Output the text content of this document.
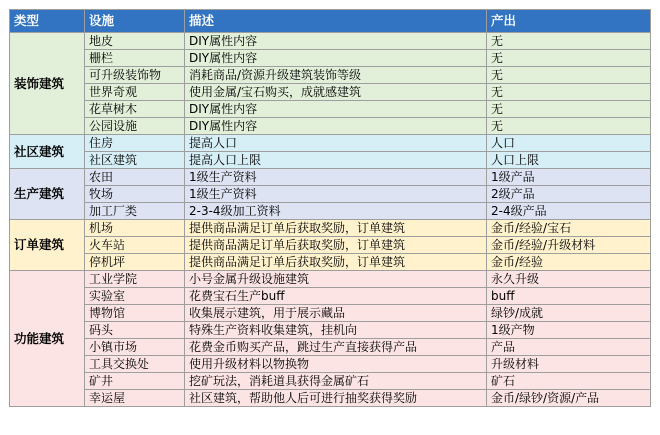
类型	设施	描述	产出
装饰建筑	地皮	DIY属性内容	无
	栅栏	DIY属性内容	无
	可升级装饰物	消耗商品/资源升级建筑装饰等级	无
	世界奇观	使用金属/宝石购买，成就感建筑	无
	花草树木	DIY属性内容	无
	公园设施	DIY属性内容	无
社区建筑	住房	提高人口	人口
	社区建筑	提高人口上限	人口上限
生产建筑	农田	1级生产资料	1级产品
	牧场	1级生产资料	2级产品
	加工厂类	2-3-4级加工资料	2-4级产品
订单建筑	机场	提供商品满足订单后获取奖励，订单建筑	金币/经验/宝石
	火车站	提供商品满足订单后获取奖励，订单建筑	金币/经验/升级材料
	停机坪	提供商品满足订单后获取奖励，订单建筑	金币/经验
功能建筑	工业学院	小号金属升级设施建筑	永久升级
	实验室	花费宝石生产buff	buff
	博物馆	收集展示建筑，用于展示藏品	绿钞/成就
	码头	特殊生产资料收集建筑，挂机向	1级产物
	小镇市场	花费金币购买产品，跳过生产直接获得产品	产品
	工具交换处	使用升级材料以物换物	升级材料
	矿井	挖矿玩法，消耗道具获得金属矿石	矿石
	幸运屋	社区建筑，帮助他人后可进行抽奖获得奖励	金币/绿钞/资源/产品
